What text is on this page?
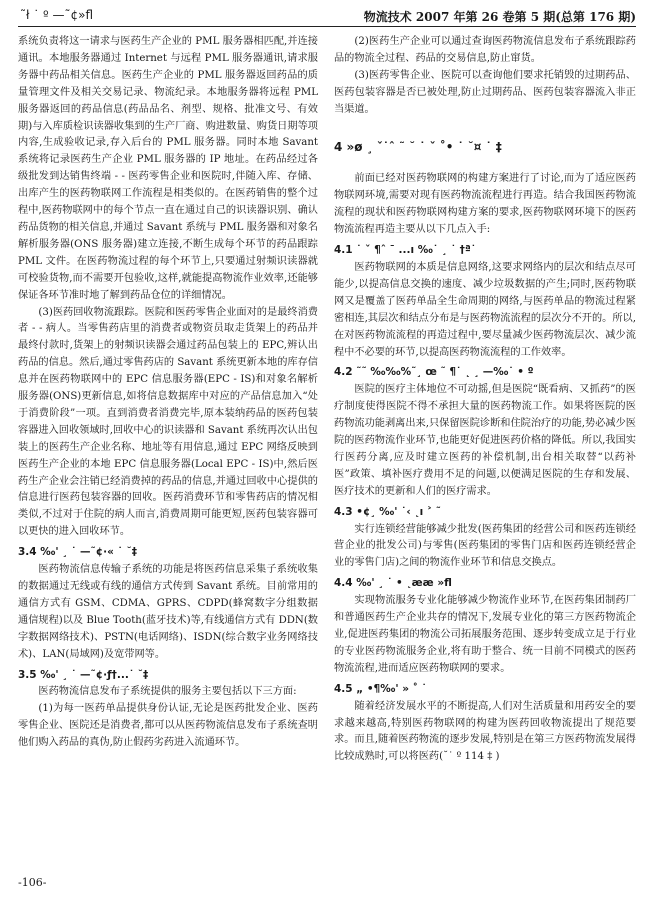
˜ł ˙ º —˜¢»fl	物流技术 2007 年第 26 卷第 5 期(总第 176 期)

系统负责将这一请求与医药生产企业的 PML 服务器相匹配,并连接通讯。本地服务器通过 Internet 与远程 PML 服务器通讯,请求服务器中药品相关信息。医药生产企业的 PML 服务器返回药品的质量管理文件及相关交易记录、物流纪录。本地服务器将远程 PML 服务器返回的药品信息(药品品名、剂型、规格、批准文号、有效期)与入库质检识读器收集到的生产厂商、购进数量、购货日期等项内容,生成验收记录,存入后台的 PML 服务器。同时本地 Savant 系统将记录医药生产企业 PML 服务器的 IP 地址。在药品经过各级批发到达销售终端 - - 医药零售企业和医院时,伴随入库、存储、出库产生的医药物联网工作流程是相类似的。在医药销售的整个过程中,医药物联网中的每个节点一直在通过自己的识读器识别、确认药品货物的相关信息,并通过 Savant 系统与 PML 服务器和对象名解析服务器(ONS 服务器)建立连接,不断生成每个环节的药品跟踪 PML 文件。在医药物流过程的每个环节上,只要通过射频识读器就可校验货物,而不需要开包验收,这样,就能提高物流作业效率,还能够保证各环节准时地了解到药品仓位的详细情况。

(3)医药回收物流跟踪。医院和医药零售企业面对的是最终消费者 - - 病人。当零售药店里的消费者或物资员取走货架上的药品并最终付款时,货架上的射频识读器会通过药品包装上的 EPC,辨认出药品的信息。然后,通过零售药店的 Savant 系统更新本地的库存信息并在医药物联网中的 EPC 信息服务器(EPC - IS)和对象名解析服务器(ONS)更新信息,如将信息数据库中对应的产品信息加入“处于消费阶段”一项。直到消费者消费完毕,原本装纳药品的医药包装容器进入回收领域时,回收中心的识读器和 Savant 系统再次认出包装上的医药生产企业名称、地址等有用信息,通过 EPC 网络反映到医药生产企业的本地 EPC 信息服务器(Local EPC - IS)中,然后医药生产企业会注销已经消费掉的药品的信息,并通过回收中心提供的信息进行医药包装容器的回收。医药消费环节和零售药店的情况相类似,不过对于住院的病人而言,消费周期可能更短,医药包装容器可以更快的进入回收环节。

3.4 ‰' ¸ ˙ —˜¢·« ˙ ˘‡

医药物流信息传输子系统的功能是将医药信息采集子系统收集的数据通过无线或有线的通信方式传到 Savant 系统。目前常用的通信方式有 GSM、CDMA、GPRS、CDPD(蜂窝数字分组数据通信规程)以及 Blue Tooth(蓝牙技术)等,有线通信方式有 DDN(数字数据网络技术)、PSTN(电话网络)、ISDN(综合数字业务网络技术)、LAN(局域网)及宽带网等。

3.5 ‰' ¸ ˙ —˜¢·ƒ†...˙ ˘‡

医药物流信息发布子系统提供的服务主要包括以下三方面:

(1)为每一医药单品提供身份认证,无论是医药批发企业、医药零售企业、医院还是消费者,都可以从医药物流信息发布子系统查明他们购入药品的真伪,防止假药劣药进入流通环节。

(2)医药生产企业可以通过查询医药物流信息发布子系统跟踪药品的物流全过程、药品的交易信息,防止窜货。

(3)医药零售企业、医院可以查询他们要求托销毁的过期药品、医药包装容器是否已被处理,防止过期药品、医药包装容器流入非正当渠道。

4 »ø ¸ ˇ˙ˆ ˜ ˘ ˙ ˇ ˚• ˙ ˘¤ ˙ ‡

前面已经对医药物联网的构建方案进行了讨论,而为了适应医药物联网环境,需要对现有医药物流流程进行再造。结合我国医药物流流程的现状和医药物联网构建方案的要求,医药物联网环境下的医药物流流程再造主要从以下几点入手:

4.1 ˙ ˇ ¶ˆ ˉ ...ı ‰˙ ¸ ˙ †ª˙

医药物联网的本质是信息网络,这要求网络内的层次和结点尽可能少,以提高信息交换的速度、减少垃圾数据的产生;同时,医药物联网又是覆盖了医药单品全生命周期的网络,与医药单品的物流过程紧密相连,其层次和结点分布是与医药物流流程的层次分不开的。所以,在对医药物流流程的再造过程中,要尽量减少医药物流层次、减少流程中不必要的环节,以提高医药物流流程的工作效率。

4.2 ˜˜ ‰‰%˜¸ œ ˜ ¶˙ ˛ ¸ —‰˙ • º

医院的医疗主体地位不可动摇,但是医院“既看病、又抓药”的医疗制度使得医院不得不承担大量的医药物流工作。如果将医院的医药物流功能剥离出来,只保留医院诊断和住院治疗的功能,势必减少医院的医药物流作业环节,也能更好促进医药价格的降低。所以,我国实行医药分离,应及时建立医药的补偿机制,出台相关取替“以药补医”政策、填补医疗费用不足的问题,以便满足医院的生存和发展、医疗技术的更新和人们的医疗需求。

4.3 •¢¸ ‰' ˙‹ ˛ı ˃ ˜

实行连锁经营能够减少批发(医药集团的经营公司和医药连锁经营企业的批发公司)与零售(医药集团的零售门店和医药连锁经营企业的零售门店)之间的物流作业环节和信息交换点。

4.4 ‰' ¸ ˙ • ˛ææ »fl

实现物流服务专业化能够减少物流作业环节,在医药集团制药厂和普通医药生产企业共存的情况下,发展专业化的第三方医药物流企业,促进医药集团的物流公司拓展服务范围、逐步转变成立足于行业的专业医药物流服务企业,将有助于整合、统一目前不同模式的医药物流流程,进而适应医药物联网的要求。

4.5 „ •¶‰' » ˚ ˙

随着经济发展水平的不断提高,人们对生活质量和用药安全的要求越来越高,特别医药物联网的构建为医药回收物流提出了规范要求。而且,随着医药物流的逐步发展,特别是在第三方医药物流发展得比较成熟时,可以将医药(˘˙ º 114 ‡ )

-106-
